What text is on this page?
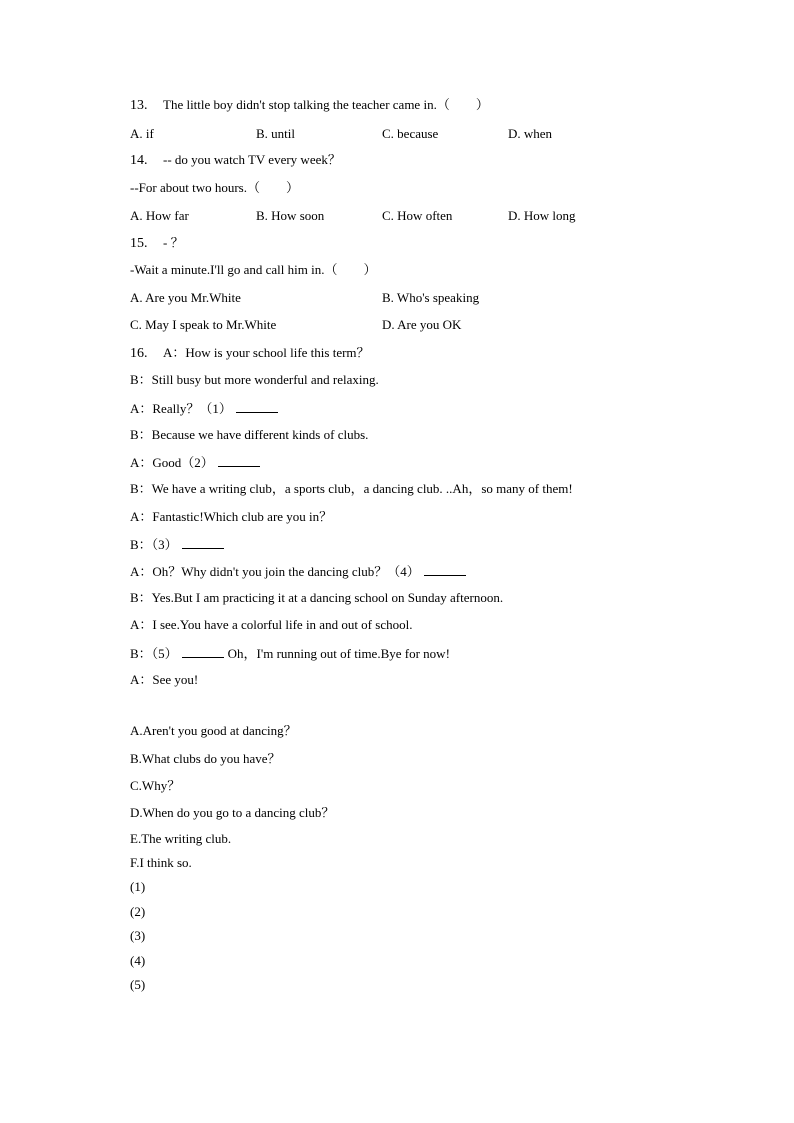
13. The little boy didn't stop talking the teacher came in.（　　）
A. if	B. until	C. because	D. when
14. -- do you watch TV every week？
--For about two hours.（　　）
A. How far	B. How soon	C. How often	D. How long
15. - ？
-Wait a minute.I'll go and call him in.（　　）
A. Are you Mr.White	B. Who's speaking
C. May I speak to Mr.White	D. Are you OK
16. A：How is your school life this term？
B：Still busy but more wonderful and relaxing.
A：Really？（1）
B：Because we have different kinds of clubs.
A：Good（2）
B：We have a writing club，a sports club，a dancing club. ..Ah，so many of them!
A：Fantastic!Which club are you in？
B：（3）
A：Oh？Why didn't you join the dancing club？（4）
B：Yes.But I am practicing it at a dancing school on Sunday afternoon.
A：I see.You have a colorful life in and out of school.
B：（5）	Oh，I'm running out of time.Bye for now!
A：See you!
A.Aren't you good at dancing？
B.What clubs do you have？
C.Why？
D.When do you go to a dancing club？
E.The writing club.
F.I think so.
(1)
(2)
(3)
(4)
(5)
